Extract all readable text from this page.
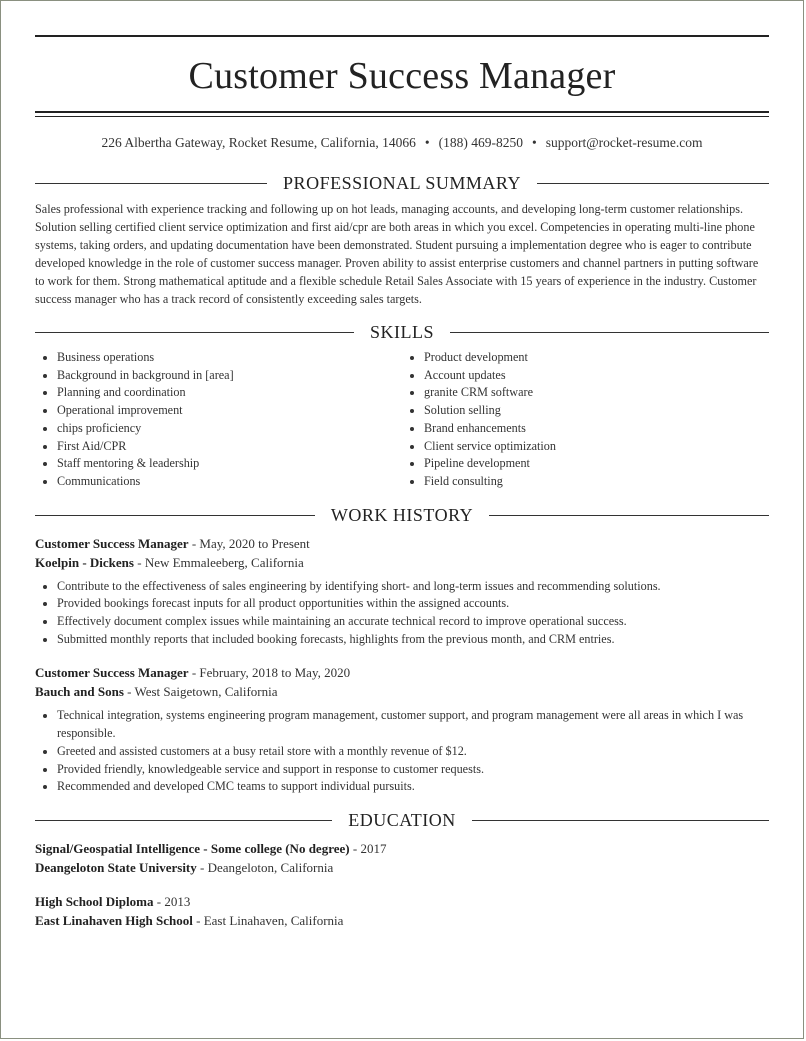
Customer Success Manager
226 Albertha Gateway, Rocket Resume, California, 14066 • (188) 469-8250 • support@rocket-resume.com
PROFESSIONAL SUMMARY
Sales professional with experience tracking and following up on hot leads, managing accounts, and developing long-term customer relationships. Solution selling certified client service optimization and first aid/cpr are both areas in which you excel. Competencies in operating multi-line phone systems, taking orders, and updating documentation have been demonstrated. Student pursuing a implementation degree who is eager to contribute developed knowledge in the role of customer success manager. Proven ability to assist enterprise customers and channel partners in putting software to work for them. Strong mathematical aptitude and a flexible schedule Retail Sales Associate with 15 years of experience in the industry. Customer success manager who has a track record of consistently exceeding sales targets.
SKILLS
• Business operations
• Background in background in [area]
• Planning and coordination
• Operational improvement
• chips proficiency
• First Aid/CPR
• Staff mentoring & leadership
• Communications
• Product development
• Account updates
• granite CRM software
• Solution selling
• Brand enhancements
• Client service optimization
• Pipeline development
• Field consulting
WORK HISTORY
Customer Success Manager - May, 2020 to Present
Koelpin - Dickens - New Emmaleeberg, California
• Contribute to the effectiveness of sales engineering by identifying short- and long-term issues and recommending solutions.
• Provided bookings forecast inputs for all product opportunities within the assigned accounts.
• Effectively document complex issues while maintaining an accurate technical record to improve operational success.
• Submitted monthly reports that included booking forecasts, highlights from the previous month, and CRM entries.
Customer Success Manager - February, 2018 to May, 2020
Bauch and Sons - West Saigetown, California
• Technical integration, systems engineering program management, customer support, and program management were all areas in which I was responsible.
• Greeted and assisted customers at a busy retail store with a monthly revenue of $12.
• Provided friendly, knowledgeable service and support in response to customer requests.
• Recommended and developed CMC teams to support individual pursuits.
EDUCATION
Signal/Geospatial Intelligence - Some college (No degree) - 2017
Deangeloton State University - Deangeloton, California
High School Diploma - 2013
East Linahaven High School - East Linahaven, California
